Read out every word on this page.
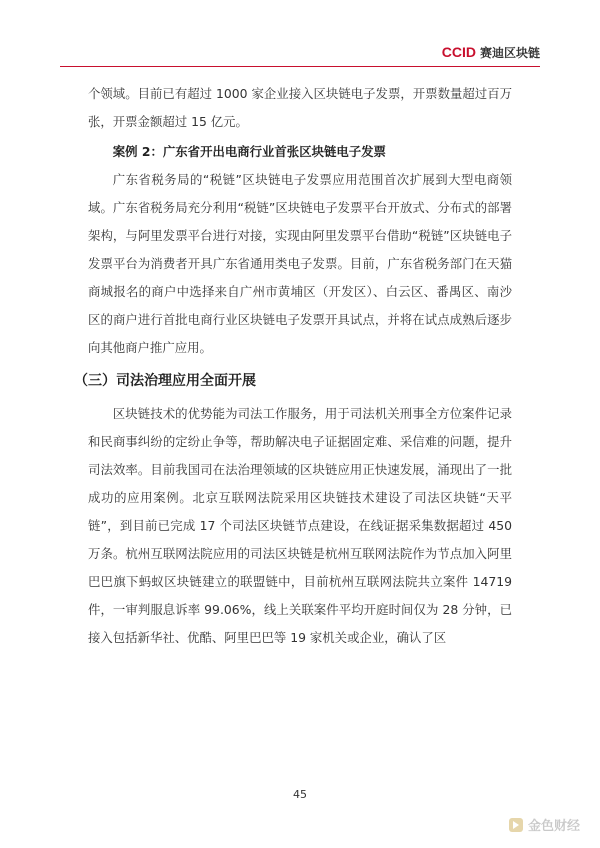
CCID 赛迪区块链

个领域。目前已有超过 1000 家企业接入区块链电子发票，开票数量超过百万张，开票金额超过 15 亿元。

案例 2：广东省开出电商行业首张区块链电子发票

广东省税务局的“税链”区块链电子发票应用范围首次扩展到大型电商领域。广东省税务局充分利用“税链”区块链电子发票平台开放式、分布式的部署架构，与阿里发票平台进行对接，实现由阿里发票平台借助“税链”区块链电子发票平台为消费者开具广东省通用类电子发票。目前，广东省税务部门在天猫商城报名的商户中选择来自广州市黄埔区（开发区）、白云区、番禺区、南沙区的商户进行首批电商行业区块链电子发票开具试点，并将在试点成熟后逐步向其他商户推广应用。

（三）司法治理应用全面开展

区块链技术的优势能为司法工作服务，用于司法机关刑事全方位案件记录和民商事纠纷的定纷止争等，帮助解决电子证据固定难、采信难的问题，提升司法效率。目前我国司在法治理领域的区块链应用正快速发展，涌现出了一批成功的应用案例。北京互联网法院采用区块链技术建设了司法区块链“天平链”，到目前已完成 17 个司法区块链节点建设，在线证据采集数据超过 450 万条。杭州互联网法院应用的司法区块链是杭州互联网法院作为节点加入阿里巴巴旗下蚂蚁区块链建立的联盟链中，目前杭州互联网法院共立案件 14719 件，一审判服息诉率 99.06%，线上关联案件平均开庭时间仅为 28 分钟，已接入包括新华社、优酷、阿里巴巴等 19 家机关或企业，确认了区

45
金色财经
